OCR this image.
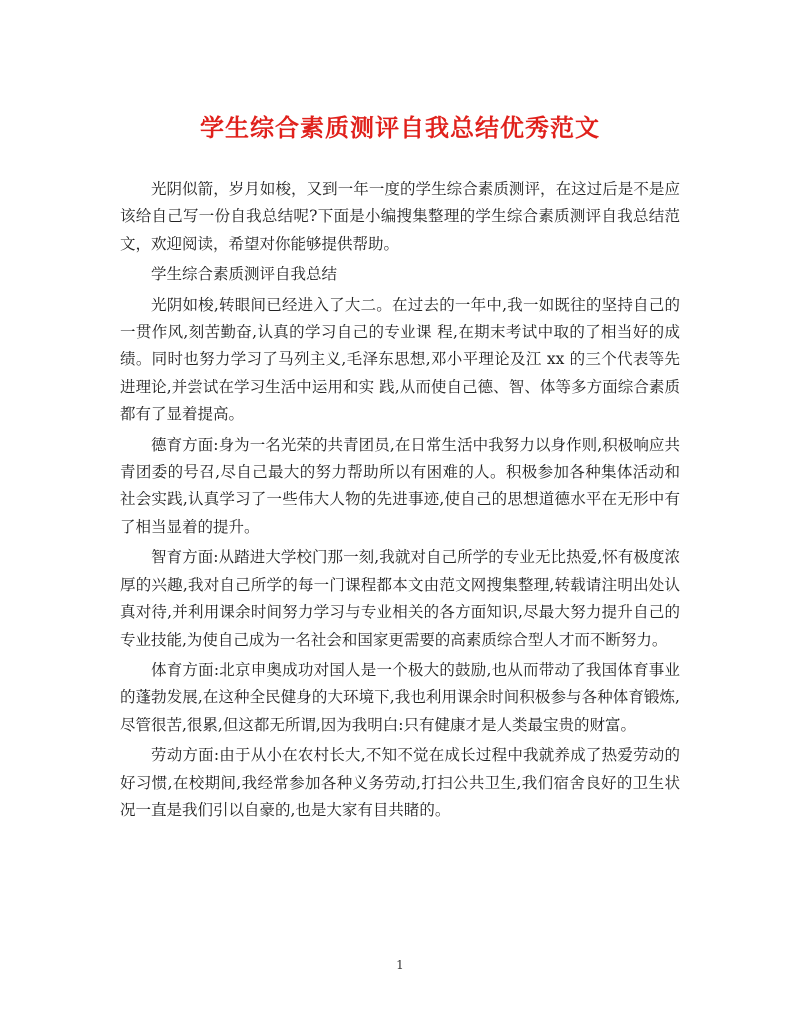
学生综合素质测评自我总结优秀范文

光阴似箭，岁月如梭，又到一年一度的学生综合素质测评，在这过后是不是应该给自己写一份自我总结呢?下面是小编搜集整理的学生综合素质测评自我总结范文，欢迎阅读，希望对你能够提供帮助。

学生综合素质测评自我总结

光阴如梭,转眼间已经进入了大二。在过去的一年中,我一如既往的坚持自己的一贯作风,刻苦勤奋,认真的学习自己的专业课 程,在期末考试中取的了相当好的成绩。同时也努力学习了马列主义,毛泽东思想,邓小平理论及江 xx 的三个代表等先进理论,并尝试在学习生活中运用和实 践,从而使自己德、智、体等多方面综合素质都有了显着提高。

德育方面:身为一名光荣的共青团员,在日常生活中我努力以身作则,积极响应共青团委的号召,尽自己最大的努力帮助所以有困难的人。积极参加各种集体活动和社会实践,认真学习了一些伟大人物的先进事迹,使自己的思想道德水平在无形中有了相当显着的提升。

智育方面:从踏进大学校门那一刻,我就对自己所学的专业无比热爱,怀有极度浓厚的兴趣,我对自己所学的每一门课程都本文由范文网搜集整理,转载请注明出处认真对待,并利用课余时间努力学习与专业相关的各方面知识,尽最大努力提升自己的专业技能,为使自己成为一名社会和国家更需要的高素质综合型人才而不断努力。

体育方面:北京申奥成功对国人是一个极大的鼓励,也从而带动了我国体育事业的蓬勃发展,在这种全民健身的大环境下,我也利用课余时间积极参与各种体育锻炼,尽管很苦,很累,但这都无所谓,因为我明白:只有健康才是人类最宝贵的财富。

劳动方面:由于从小在农村长大,不知不觉在成长过程中我就养成了热爱劳动的好习惯,在校期间,我经常参加各种义务劳动,打扫公共卫生,我们宿舍良好的卫生状况一直是我们引以自豪的,也是大家有目共睹的。

1
